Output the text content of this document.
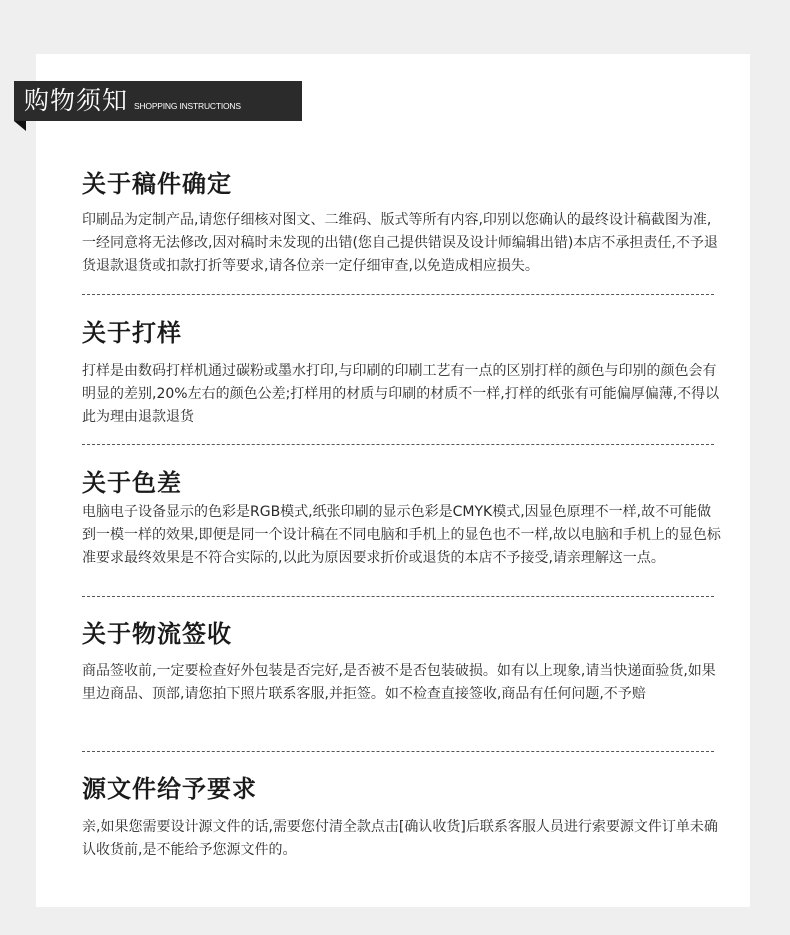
购物须知 SHOPPING INSTRUCTIONS
关于稿件确定

印刷品为定制产品,请您仔细核对图文、二维码、版式等所有内容,印别以您确认的最终设计稿截图为准,一经同意将无法修改,因对稿时未发现的出错(您自己提供错误及设计师编辑出错)本店不承担责任,不予退货退款退货或扣款打折等要求,请各位亲一定仔细审查,以免造成相应损失。

关于打样

打样是由数码打样机通过碳粉或墨水打印,与印刷的印刷工艺有一点的区别打样的颜色与印别的颜色会有明显的差别,20%左右的颜色公差;打样用的材质与印刷的材质不一样,打样的纸张有可能偏厚偏薄,不得以此为理由退款退货

关于色差

电脑电子设备显示的色彩是RGB模式,纸张印刷的显示色彩是CMYK模式,因显色原理不一样,故不可能做到一模一样的效果,即便是同一个设计稿在不同电脑和手机上的显色也不一样,故以电脑和手机上的显色标准要求最终效果是不符合实际的,以此为原因要求折价或退货的本店不予接受,请亲理解这一点。

关于物流签收

商品签收前,一定要检查好外包装是否完好,是否被不是否包装破损。如有以上现象,请当快递面验货,如果里边商品、顶部,请您拍下照片联系客服,并拒签。如不检查直接签收,商品有任何问题,不予赔

源文件给予要求

亲,如果您需要设计源文件的话,需要您付清全款点击[确认收货]后联系客服人员进行索要源文件订单未确认收货前,是不能给予您源文件的。
